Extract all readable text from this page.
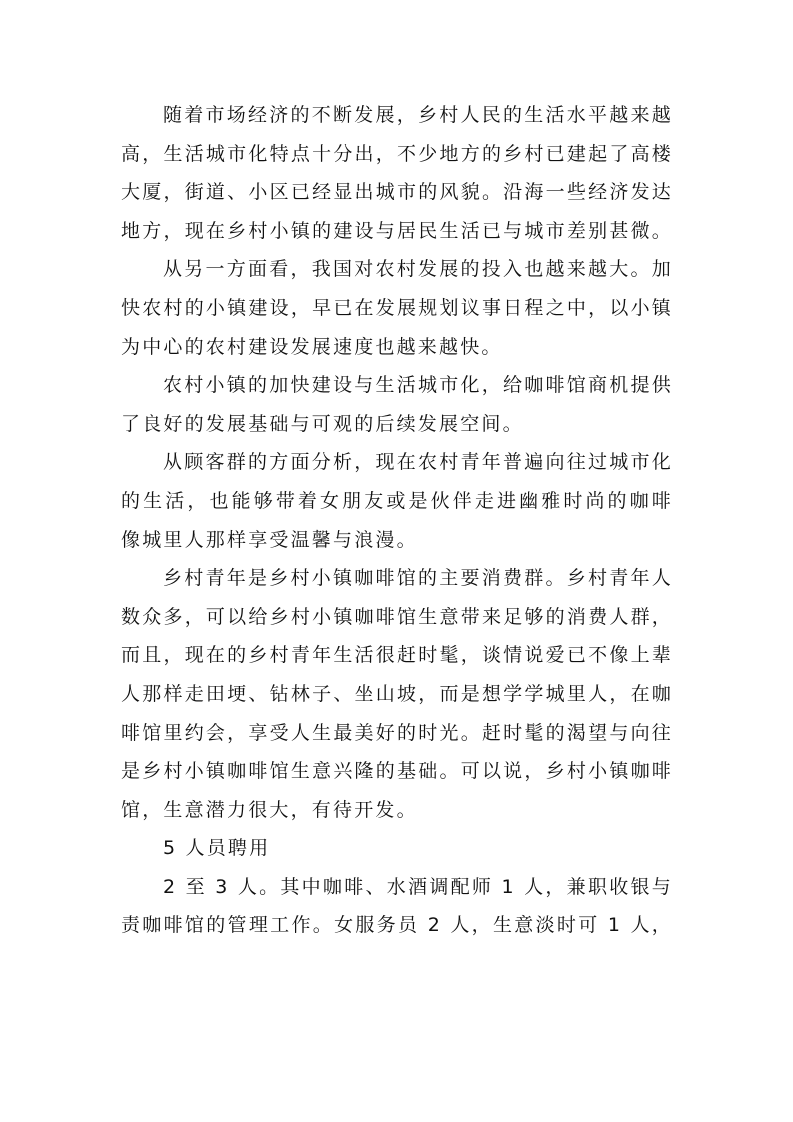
随着市场经济的不断发展，乡村人民的生活水平越来越
高，生活城市化特点十分出，不少地方的乡村已建起了高楼
大厦，街道、小区已经显出城市的风貌。沿海一些经济发达
地方，现在乡村小镇的建设与居民生活已与城市差别甚微。
从另一方面看，我国对农村发展的投入也越来越大。加
快农村的小镇建设，早已在发展规划议事日程之中，以小镇
为中心的农村建设发展速度也越来越快。
农村小镇的加快建设与生活城市化，给咖啡馆商机提供
了良好的发展基础与可观的后续发展空间。
从顾客群的方面分析，现在农村青年普遍向往过城市化
的生活，也能够带着女朋友或是伙伴走进幽雅时尚的咖啡
像城里人那样享受温馨与浪漫。
乡村青年是乡村小镇咖啡馆的主要消费群。乡村青年人
数众多，可以给乡村小镇咖啡馆生意带来足够的消费人群，
而且，现在的乡村青年生活很赶时髦，谈情说爱已不像上辈
人那样走田埂、钻林子、坐山坡，而是想学学城里人，在咖
啡馆里约会，享受人生最美好的时光。赶时髦的渴望与向往
是乡村小镇咖啡馆生意兴隆的基础。可以说，乡村小镇咖啡
馆，生意潜力很大，有待开发。
5 人员聘用
2 至 3 人。其中咖啡、水酒调配师 1 人，兼职收银与
责咖啡馆的管理工作。女服务员 2 人，生意淡时可 1 人，
